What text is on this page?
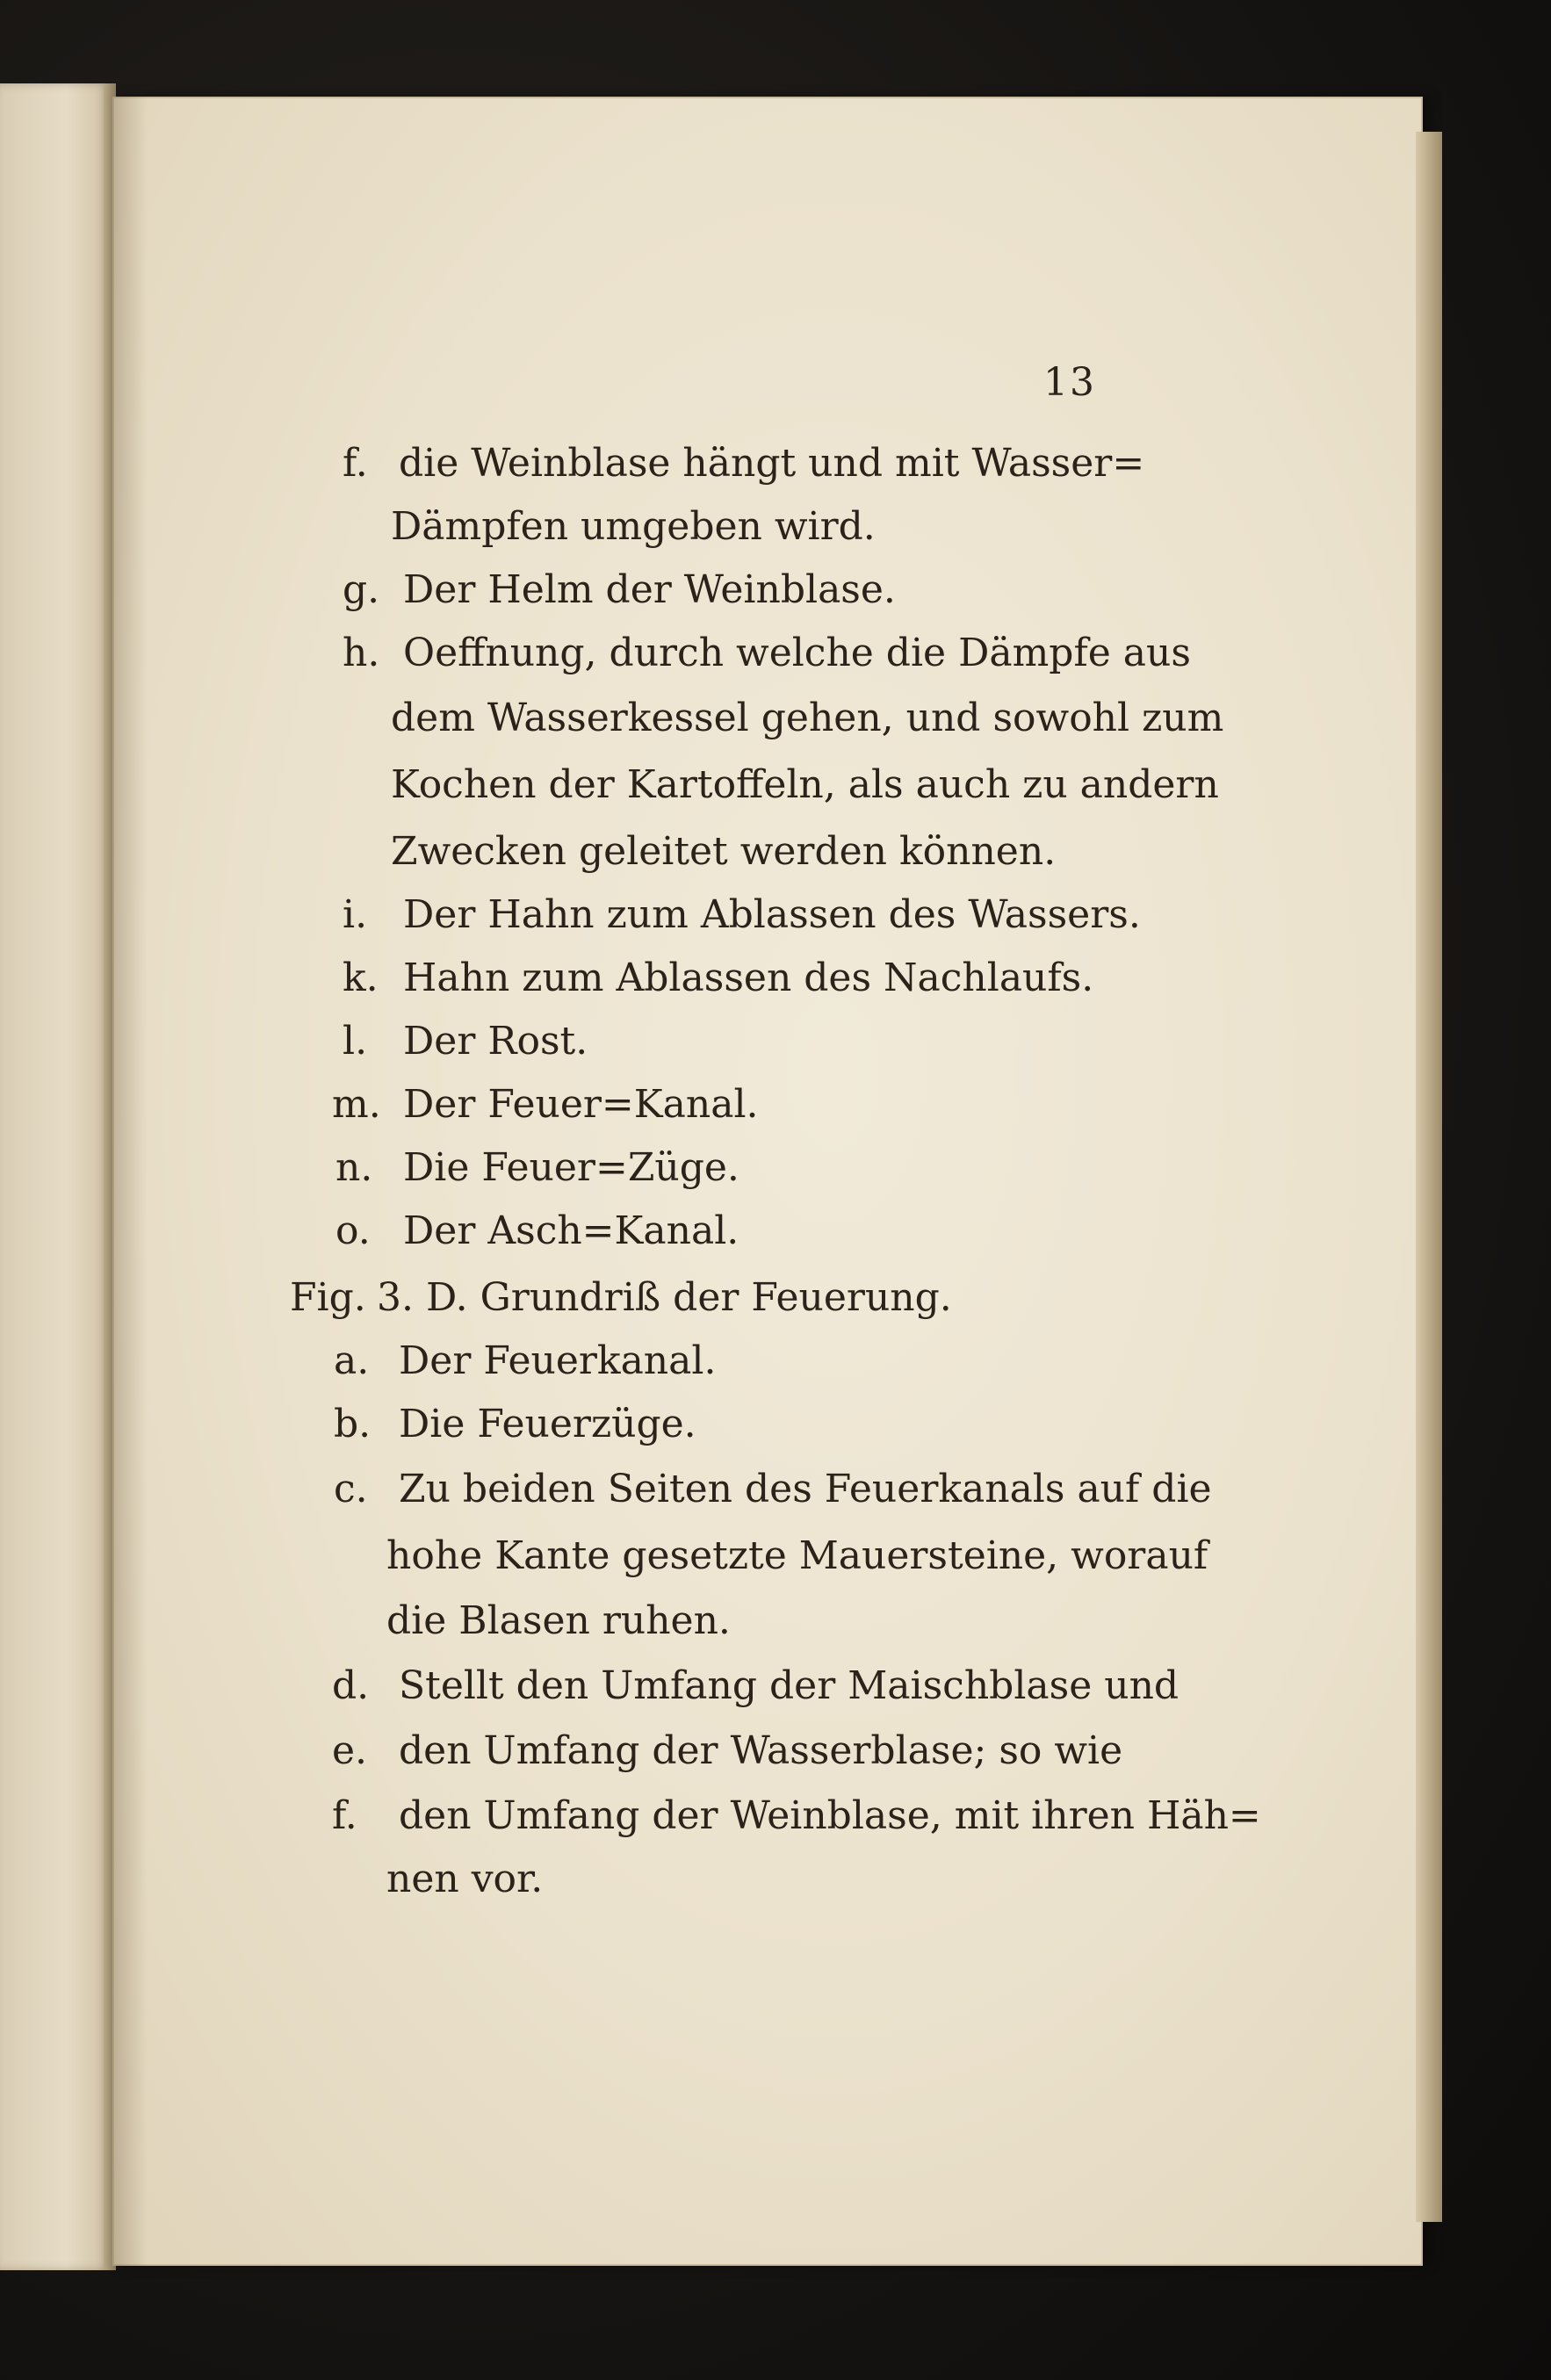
13
f. die Weinblase hängt und mit Wasser=
Dämpfen umgeben wird.
g. Der Helm der Weinblase.
h. Oeffnung, durch welche die Dämpfe aus
dem Wasserkessel gehen, und sowohl zum
Kochen der Kartoffeln, als auch zu andern
Zwecken geleitet werden können.
i. Der Hahn zum Ablassen des Wassers.
k. Hahn zum Ablassen des Nachlaufs.
l. Der Rost.
m. Der Feuer=Kanal.
n. Die Feuer=Züge.
o. Der Asch=Kanal.
Fig. 3. D. Grundriß der Feuerung.
a. Der Feuerkanal.
b. Die Feuerzüge.
c. Zu beiden Seiten des Feuerkanals auf die
hohe Kante gesetzte Mauersteine, worauf
die Blasen ruhen.
d. Stellt den Umfang der Maischblase und
e. den Umfang der Wasserblase; so wie
f. den Umfang der Weinblase, mit ihren Häh=
nen vor.
